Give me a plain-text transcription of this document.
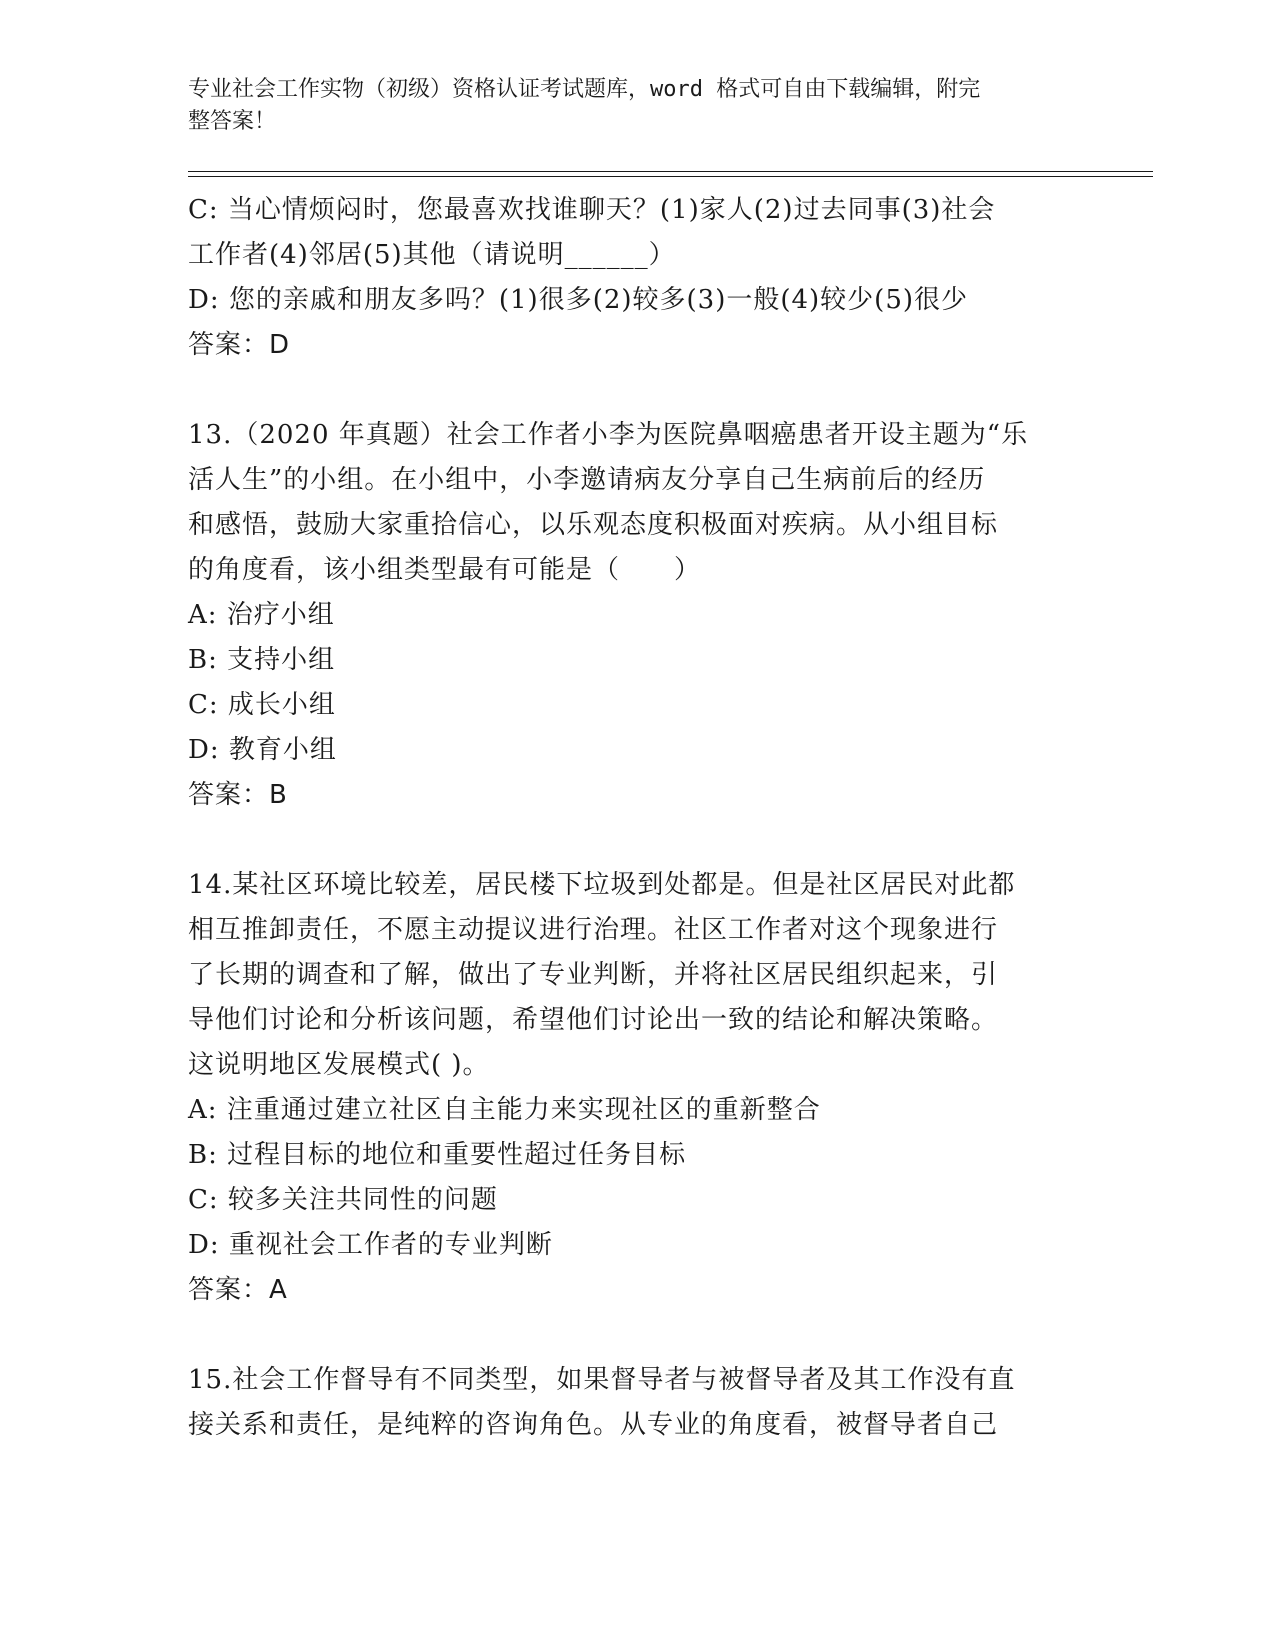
专业社会工作实物（初级）资格认证考试题库，word 格式可自由下载编辑，附完
整答案！
C: 当心情烦闷时，您最喜欢找谁聊天？(1)家人(2)过去同事(3)社会
工作者(4)邻居(5)其他（请说明______）
D: 您的亲戚和朋友多吗？(1)很多(2)较多(3)一般(4)较少(5)很少
答案：D
13.（2020 年真题）社会工作者小李为医院鼻咽癌患者开设主题为“乐
活人生”的小组。在小组中，小李邀请病友分享自己生病前后的经历
和感悟，鼓励大家重拾信心，以乐观态度积极面对疾病。从小组目标
的角度看，该小组类型最有可能是（　　）
A: 治疗小组
B: 支持小组
C: 成长小组
D: 教育小组
答案：B
14.某社区环境比较差，居民楼下垃圾到处都是。但是社区居民对此都
相互推卸责任，不愿主动提议进行治理。社区工作者对这个现象进行
了长期的调查和了解，做出了专业判断，并将社区居民组织起来，引
导他们讨论和分析该问题，希望他们讨论出一致的结论和解决策略。
这说明地区发展模式( )。
A: 注重通过建立社区自主能力来实现社区的重新整合
B: 过程目标的地位和重要性超过任务目标
C: 较多关注共同性的问题
D: 重视社会工作者的专业判断
答案：A
15.社会工作督导有不同类型，如果督导者与被督导者及其工作没有直
接关系和责任，是纯粹的咨询角色。从专业的角度看，被督导者自己
